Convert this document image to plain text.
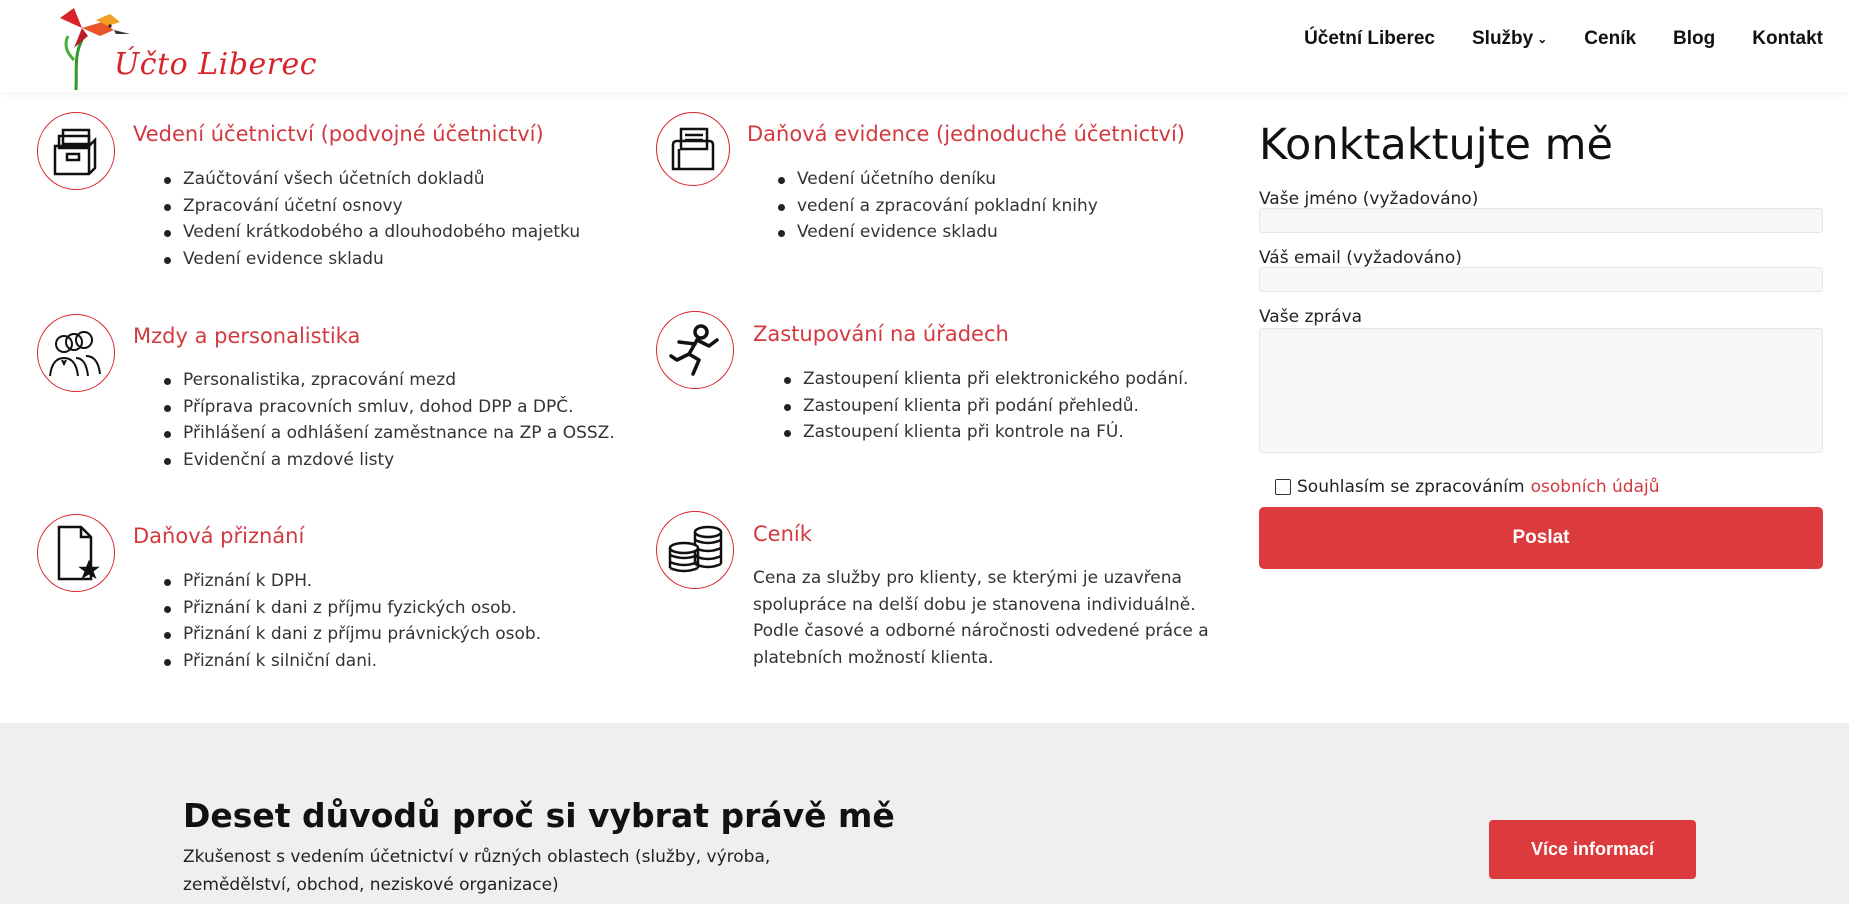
Účto Liberec
Účetní Liberec Služby ⌄ Ceník Blog Kontakt
Vedení účetnictví (podvojné účetnictví)
Zaúčtování všech účetních dokladů
Zpracování účetní osnovy
Vedení krátkodobého a dlouhodobého majetku
Vedení evidence skladu
Daňová evidence (jednoduché účetnictví)
Vedení účetního deníku
vedení a zpracování pokladní knihy
Vedení evidence skladu
Mzdy a personalistika
Personalistika, zpracování mezd
Příprava pracovních smluv, dohod DPP a DPČ.
Přihlášení a odhlášení zaměstnance na ZP a OSSZ.
Evidenční a mzdové listy
Zastupování na úřadech
Zastoupení klienta při elektronického podání.
Zastoupení klienta při podání přehledů.
Zastoupení klienta při kontrole na FÚ.
Daňová přiznání
Přiznání k DPH.
Přiznání k dani z příjmu fyzických osob.
Přiznání k dani z příjmu právnických osob.
Přiznání k silniční dani.
Ceník

Cena za služby pro klienty, se kterými je uzavřena spolupráce na delší dobu je stanovena individuálně. Podle časové a odborné náročnosti odvedené práce a platebních možností klienta.

Konktaktujte mě
Vaše jméno (vyžadováno)
Váš email (vyžadováno)
Vaše zpráva
Souhlasím se zpracováním osobních údajů
Poslat
Deset důvodů proč si vybrat právě mě

Zkušenost s vedením účetnictví v různých oblastech (služby, výroba, zemědělství, obchod, neziskové organizace)

Více informací
